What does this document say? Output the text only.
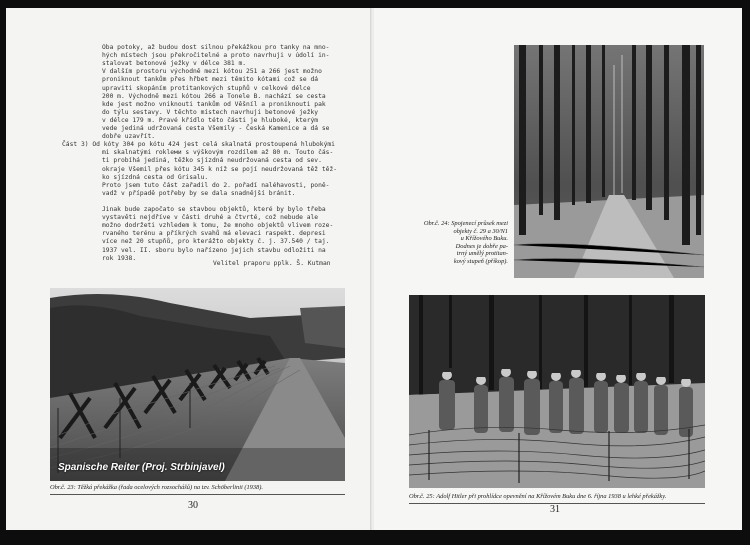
Oba potoky, až budou dost silnou překážkou pro tanky na mno-
hých místech jsou překročitelné a proto navrhuji v údolí in-
stalovat betonové ježky v délce 381 m.
V dalším prostoru východně mezi kótou 251 a 266 jest možno
proniknout tankům přes hřbet mezi těmito kótami což se dá
upraviti skopáním protitankových stupňů v celkové délce
200 m. Východně mezi kótou 266 a Tonele B. nachází se cesta
kde jest možno vniknouti tankům od Věšníl a proniknouti pak
do týlu sestavy. V těchto místech navrhuji betonové ježky
v délce 179 m. Pravé křídlo této části je hluboké, kterým
vede jediná udržovaná cesta Všemily - Česká Kamenice a dá se
dobře uzavřít.
Část 3) Od kóty 304 po kótu 424 jest celá skalnatá prostoupená hlubokými
mi skalnatými rokleми s výškovým rozdílem až 80 m. Touto čás-
ti probíhá jediná, těžko sjízdná neudržovaná cesta od sev.
okraje Všemil přes kótu 345 k níž se pojí neudržovaná těž těž-
ko sjízdná cesta od Grisalu.
Proto jsem tuto část zařadil do 2. pořadí naléhavosti, poně-
vadž v případě potřeby by se dala snadnější bránit.
Jinak bude započato se stavbou objektů, které by bylo třeba
vystavěti nejdříve v části druhé a čtvrté, což nebude ale
možno dodržeti vzhledem k tomu, že mnoho objektů vlivem roze-
rvaného terénu a příkrých svahů má elevaci raspekt. depresi
více než 20 stupňů, pro kterážto objekty č. j. 37.540 / taj.
1937 vel. II. sboru bylo nařízeno jejich stavbu odložiti na
rok 1938.
Velitel praporu pplk. Š. Kutman
Spanische Reiter (Proj. Strbinjavel)
Obr.č. 23: Těžká překážka (řada ocelových rozsochášů) na tzv. Schöberlinii (1938).
30
Obr.č. 24: Spojenecí průsek mezi
objekty č. 29 a 30/N1
u Křížového Buku.
Dodnes je dobře pa-
trný umělý protitan-
kový stupeň (příkop).
Obr.č. 25: Adolf Hitler při prohlídce opevnění na Křížovém Buku dne 6. října 1938 u lehké překážky.
31
